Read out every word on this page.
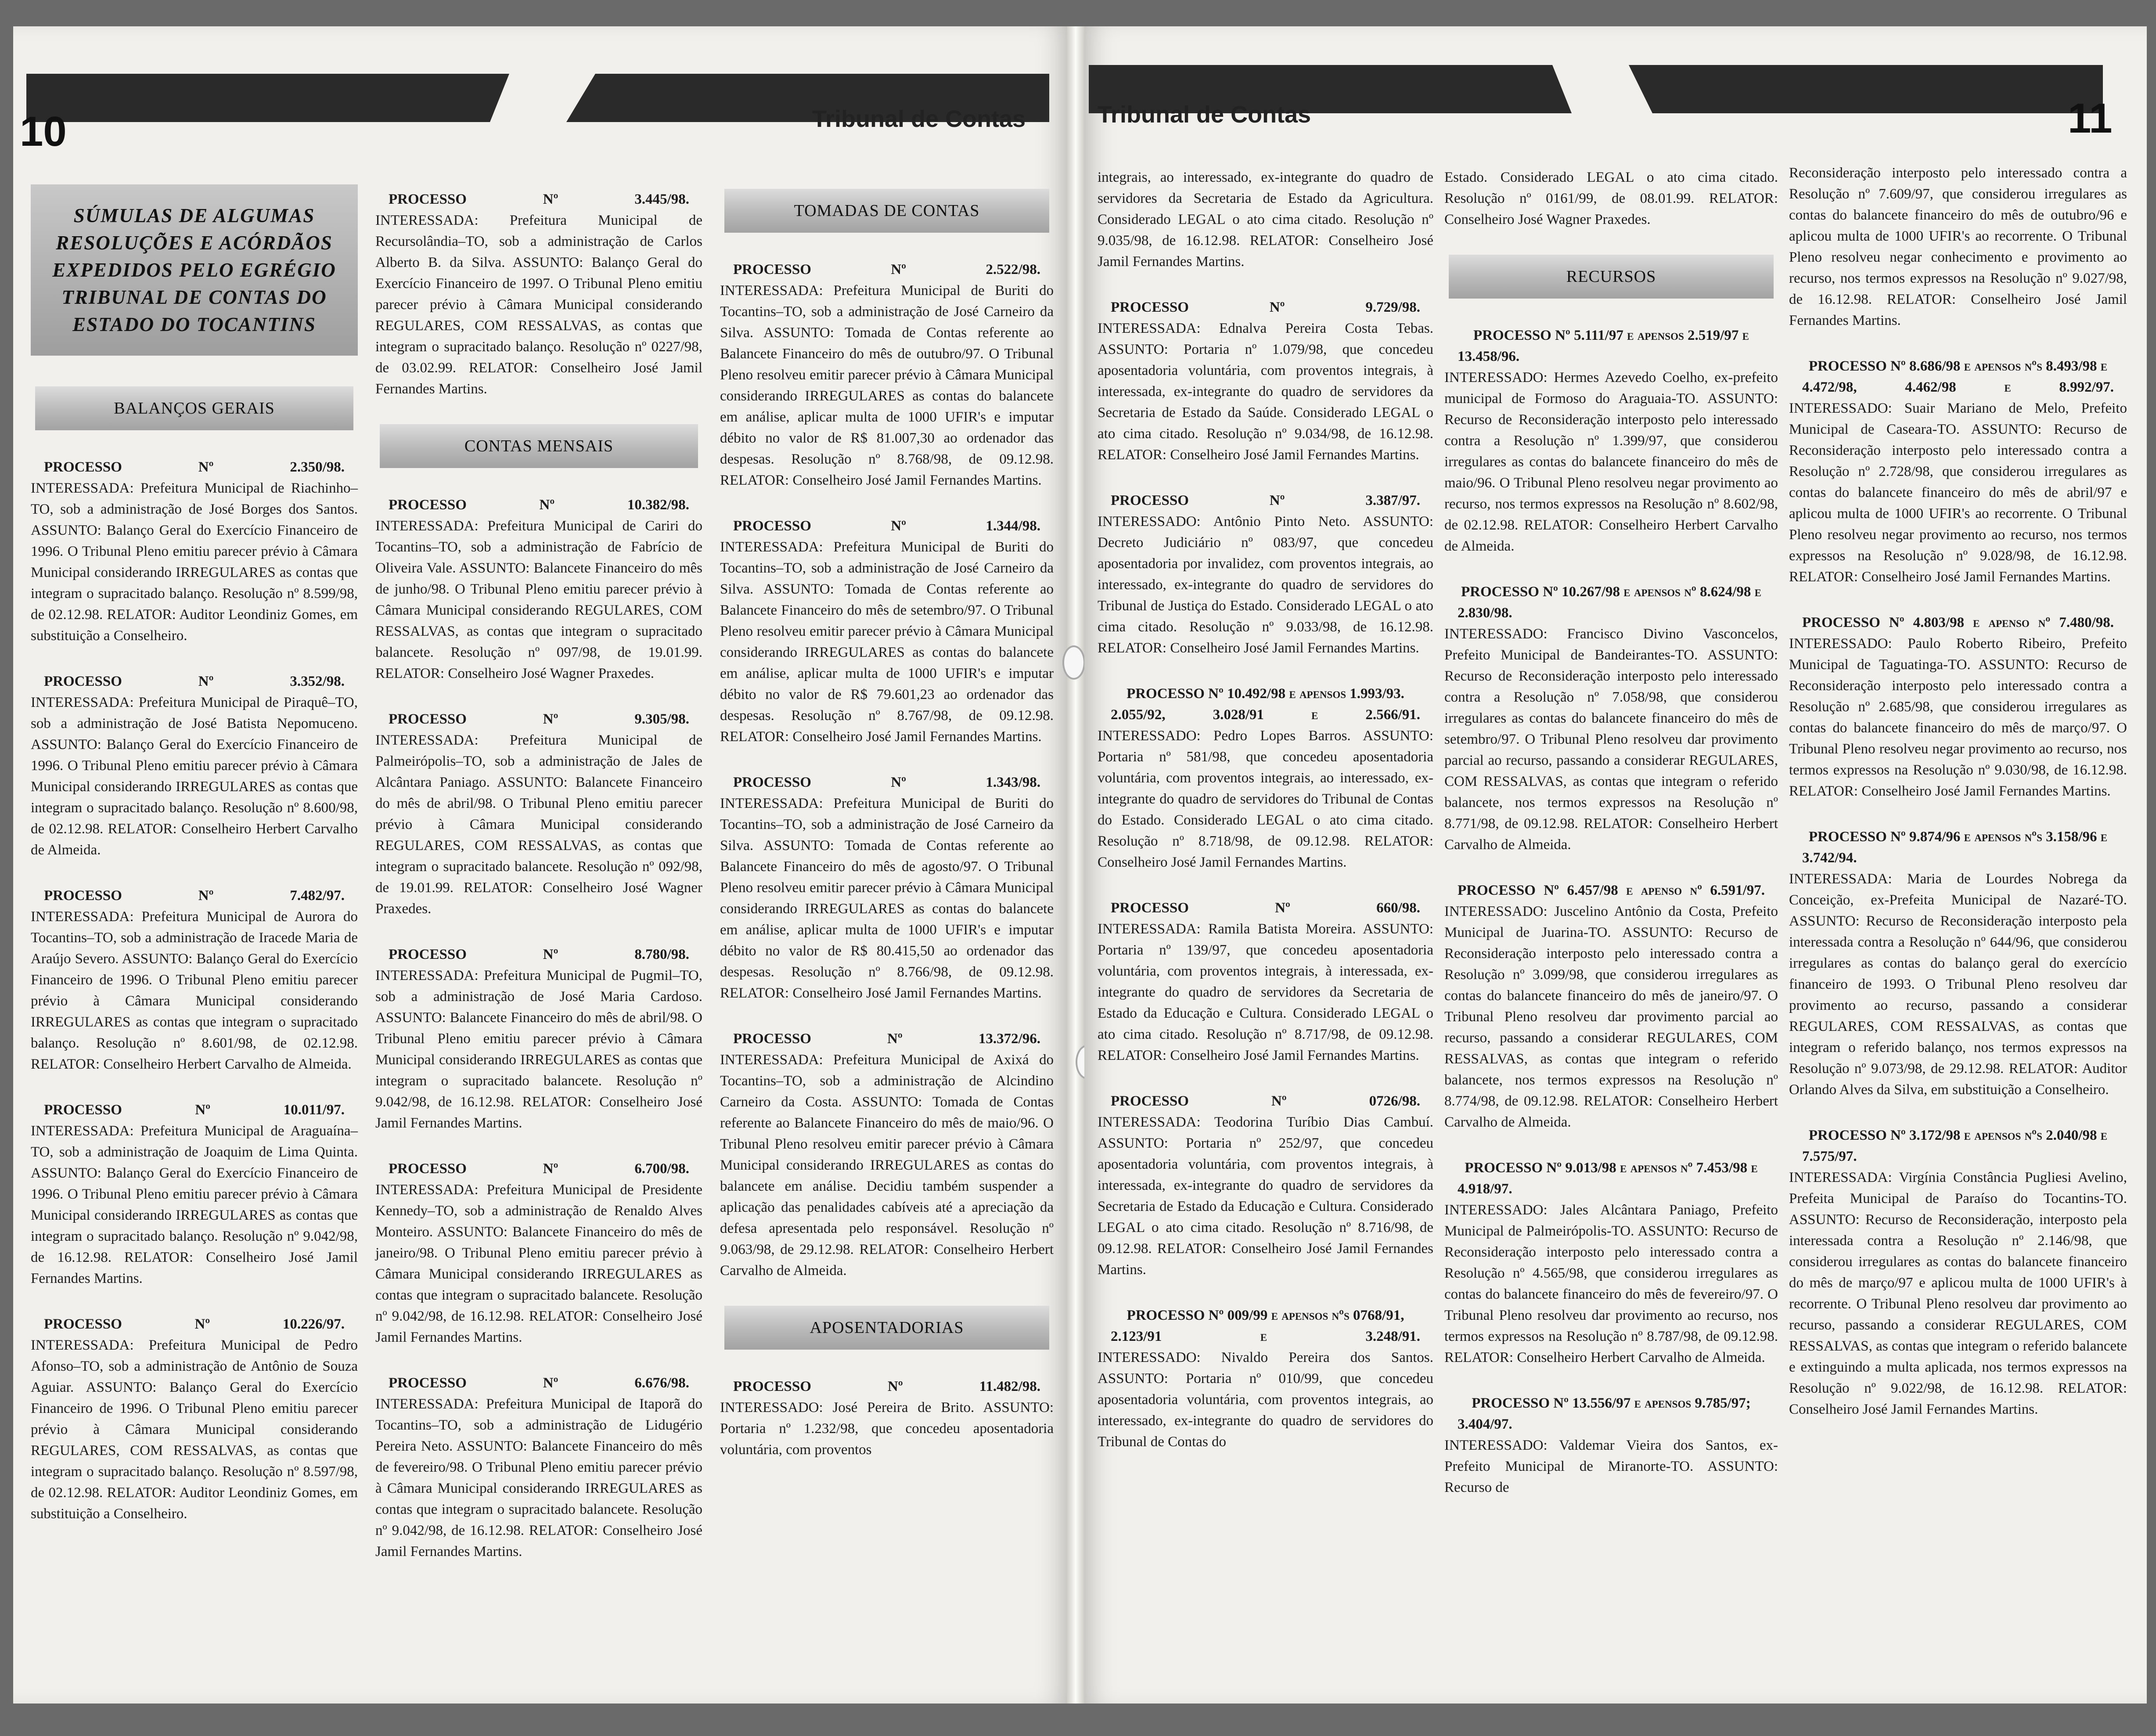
10	Tribunal de Contas
SÚMULAS DE ALGUMAS RESOLUÇÕES E ACÓRDÃOS EXPEDIDOS PELO EGRÉGIO TRIBUNAL DE CONTAS DO ESTADO DO TOCANTINS
BALANÇOS GERAIS

PROCESSO Nº 2.350/98.

INTERESSADA: Prefeitura Municipal de Riachinho–TO, sob a administração de José Borges dos Santos. ASSUNTO: Balanço Geral do Exercício Financeiro de 1996. O Tribunal Pleno emitiu parecer prévio à Câmara Municipal considerando IRREGULARES as contas que integram o supracitado balanço. Resolução nº 8.599/98, de 02.12.98. RELATOR: Auditor Leondiniz Gomes, em substituição a Conselheiro.

PROCESSO Nº 3.352/98.

INTERESSADA: Prefeitura Municipal de Piraquê–TO, sob a administração de José Batista Nepomuceno. ASSUNTO: Balanço Geral do Exercício Financeiro de 1996. O Tribunal Pleno emitiu parecer prévio à Câmara Municipal considerando IRREGULARES as contas que integram o supracitado balanço. Resolução nº 8.600/98, de 02.12.98. RELATOR: Conselheiro Herbert Carvalho de Almeida.

PROCESSO Nº 7.482/97.

INTERESSADA: Prefeitura Municipal de Aurora do Tocantins–TO, sob a administração de Iracede Maria de Araújo Severo. ASSUNTO: Balanço Geral do Exercício Financeiro de 1996. O Tribunal Pleno emitiu parecer prévio à Câmara Municipal considerando IRREGULARES as contas que integram o supracitado balanço. Resolução nº 8.601/98, de 02.12.98. RELATOR: Conselheiro Herbert Carvalho de Almeida.

PROCESSO Nº 10.011/97.

INTERESSADA: Prefeitura Municipal de Araguaína–TO, sob a administração de Joaquim de Lima Quinta. ASSUNTO: Balanço Geral do Exercício Financeiro de 1996. O Tribunal Pleno emitiu parecer prévio à Câmara Municipal considerando IRREGULARES as contas que integram o supracitado balanço. Resolução nº 9.042/98, de 16.12.98. RELATOR: Conselheiro José Jamil Fernandes Martins.

PROCESSO Nº 10.226/97.

INTERESSADA: Prefeitura Municipal de Pedro Afonso–TO, sob a administração de Antônio de Souza Aguiar. ASSUNTO: Balanço Geral do Exercício Financeiro de 1996. O Tribunal Pleno emitiu parecer prévio à Câmara Municipal considerando REGULARES, COM RESSALVAS, as contas que integram o supracitado balanço. Resolução nº 8.597/98, de 02.12.98. RELATOR: Auditor Leondiniz Gomes, em substituição a Conselheiro.

PROCESSO Nº 3.445/98.

INTERESSADA: Prefeitura Municipal de Recursolândia–TO, sob a administração de Carlos Alberto B. da Silva. ASSUNTO: Balanço Geral do Exercício Financeiro de 1997. O Tribunal Pleno emitiu parecer prévio à Câmara Municipal considerando REGULARES, COM RESSALVAS, as contas que integram o supracitado balanço. Resolução nº 0227/98, de 03.02.99. RELATOR: Conselheiro José Jamil Fernandes Martins.

CONTAS MENSAIS

PROCESSO Nº 10.382/98.

INTERESSADA: Prefeitura Municipal de Cariri do Tocantins–TO, sob a administração de Fabrício de Oliveira Vale. ASSUNTO: Balancete Financeiro do mês de junho/98. O Tribunal Pleno emitiu parecer prévio à Câmara Municipal considerando REGULARES, COM RESSALVAS, as contas que integram o supracitado balancete. Resolução nº 097/98, de 19.01.99. RELATOR: Conselheiro José Wagner Praxedes.

PROCESSO Nº 9.305/98.

INTERESSADA: Prefeitura Municipal de Palmeirópolis–TO, sob a administração de Jales de Alcântara Paniago. ASSUNTO: Balancete Financeiro do mês de abril/98. O Tribunal Pleno emitiu parecer prévio à Câmara Municipal considerando REGULARES, COM RESSALVAS, as contas que integram o supracitado balancete. Resolução nº 092/98, de 19.01.99. RELATOR: Conselheiro José Wagner Praxedes.

PROCESSO Nº 8.780/98.

INTERESSADA: Prefeitura Municipal de Pugmil–TO, sob a administração de José Maria Cardoso. ASSUNTO: Balancete Financeiro do mês de abril/98. O Tribunal Pleno emitiu parecer prévio à Câmara Municipal considerando IRREGULARES as contas que integram o supracitado balancete. Resolução nº 9.042/98, de 16.12.98. RELATOR: Conselheiro José Jamil Fernandes Martins.

PROCESSO Nº 6.700/98.

INTERESSADA: Prefeitura Municipal de Presidente Kennedy–TO, sob a administração de Renaldo Alves Monteiro. ASSUNTO: Balancete Financeiro do mês de janeiro/98. O Tribunal Pleno emitiu parecer prévio à Câmara Municipal considerando IRREGULARES as contas que integram o supracitado balancete. Resolução nº 9.042/98, de 16.12.98. RELATOR: Conselheiro José Jamil Fernandes Martins.

PROCESSO Nº 6.676/98.

INTERESSADA: Prefeitura Municipal de Itaporã do Tocantins–TO, sob a administração de Lidugério Pereira Neto. ASSUNTO: Balancete Financeiro do mês de fevereiro/98. O Tribunal Pleno emitiu parecer prévio à Câmara Municipal considerando IRREGULARES as contas que integram o supracitado balancete. Resolução nº 9.042/98, de 16.12.98. RELATOR: Conselheiro José Jamil Fernandes Martins.

TOMADAS DE CONTAS

PROCESSO Nº 2.522/98.

INTERESSADA: Prefeitura Municipal de Buriti do Tocantins–TO, sob a administração de José Carneiro da Silva. ASSUNTO: Tomada de Contas referente ao Balancete Financeiro do mês de outubro/97. O Tribunal Pleno resolveu emitir parecer prévio à Câmara Municipal considerando IRREGULARES as contas do balancete em análise, aplicar multa de 1000 UFIR's e imputar débito no valor de R$ 81.007,30 ao ordenador das despesas. Resolução nº 8.768/98, de 09.12.98. RELATOR: Conselheiro José Jamil Fernandes Martins.

PROCESSO Nº 1.344/98.

INTERESSADA: Prefeitura Municipal de Buriti do Tocantins–TO, sob a administração de José Carneiro da Silva. ASSUNTO: Tomada de Contas referente ao Balancete Financeiro do mês de setembro/97. O Tribunal Pleno resolveu emitir parecer prévio à Câmara Municipal considerando IRREGULARES as contas do balancete em análise, aplicar multa de 1000 UFIR's e imputar débito no valor de R$ 79.601,23 ao ordenador das despesas. Resolução nº 8.767/98, de 09.12.98. RELATOR: Conselheiro José Jamil Fernandes Martins.

PROCESSO Nº 1.343/98.

INTERESSADA: Prefeitura Municipal de Buriti do Tocantins–TO, sob a administração de José Carneiro da Silva. ASSUNTO: Tomada de Contas referente ao Balancete Financeiro do mês de agosto/97. O Tribunal Pleno resolveu emitir parecer prévio à Câmara Municipal considerando IRREGULARES as contas do balancete em análise, aplicar multa de 1000 UFIR's e imputar débito no valor de R$ 80.415,50 ao ordenador das despesas. Resolução nº 8.766/98, de 09.12.98. RELATOR: Conselheiro José Jamil Fernandes Martins.

PROCESSO Nº 13.372/96.

INTERESSADA: Prefeitura Municipal de Axixá do Tocantins–TO, sob a administração de Alcindino Carneiro da Costa. ASSUNTO: Tomada de Contas referente ao Balancete Financeiro do mês de maio/96. O Tribunal Pleno resolveu emitir parecer prévio à Câmara Municipal considerando IRREGULARES as contas do balancete em análise. Decidiu também suspender a aplicação das penalidades cabíveis até a apreciação da defesa apresentada pelo responsável. Resolução nº 9.063/98, de 29.12.98. RELATOR: Conselheiro Herbert Carvalho de Almeida.

APOSENTADORIAS

PROCESSO Nº 11.482/98.

INTERESSADO: José Pereira de Brito. ASSUNTO: Portaria nº 1.232/98, que concedeu aposentadoria voluntária, com proventos

Tribunal de Contas	11

integrais, ao interessado, ex-integrante do quadro de servidores da Secretaria de Estado da Agricultura. Considerado LEGAL o ato cima citado. Resolução nº 9.035/98, de 16.12.98. RELATOR: Conselheiro José Jamil Fernandes Martins.

PROCESSO Nº 9.729/98.

INTERESSADA: Ednalva Pereira Costa Tebas. ASSUNTO: Portaria nº 1.079/98, que concedeu aposentadoria voluntária, com proventos integrais, à interessada, ex-integrante do quadro de servidores da Secretaria de Estado da Saúde. Considerado LEGAL o ato cima citado. Resolução nº 9.034/98, de 16.12.98. RELATOR: Conselheiro José Jamil Fernandes Martins.

PROCESSO Nº 3.387/97.

INTERESSADO: Antônio Pinto Neto. ASSUNTO: Decreto Judiciário nº 083/97, que concedeu aposentadoria por invalidez, com proventos integrais, ao interessado, ex-integrante do quadro de servidores do Tribunal de Justiça do Estado. Considerado LEGAL o ato cima citado. Resolução nº 9.033/98, de 16.12.98. RELATOR: Conselheiro José Jamil Fernandes Martins.

PROCESSO Nº 10.492/98 e apensos 1.993/93. 2.055/92, 3.028/91 e 2.566/91.

INTERESSADO: Pedro Lopes Barros. ASSUNTO: Portaria nº 581/98, que concedeu aposentadoria voluntária, com proventos integrais, ao interessado, ex-integrante do quadro de servidores do Tribunal de Contas do Estado. Considerado LEGAL o ato cima citado. Resolução nº 8.718/98, de 09.12.98. RELATOR: Conselheiro José Jamil Fernandes Martins.

PROCESSO Nº 660/98.

INTERESSADA: Ramila Batista Moreira. ASSUNTO: Portaria nº 139/97, que concedeu aposentadoria voluntária, com proventos integrais, à interessada, ex-integrante do quadro de servidores da Secretaria de Estado da Educação e Cultura. Considerado LEGAL o ato cima citado. Resolução nº 8.717/98, de 09.12.98. RELATOR: Conselheiro José Jamil Fernandes Martins.

PROCESSO Nº 0726/98.

INTERESSADA: Teodorina Turíbio Dias Cambuí. ASSUNTO: Portaria nº 252/97, que concedeu aposentadoria voluntária, com proventos integrais, à interessada, ex-integrante do quadro de servidores da Secretaria de Estado da Educação e Cultura. Considerado LEGAL o ato cima citado. Resolução nº 8.716/98, de 09.12.98. RELATOR: Conselheiro José Jamil Fernandes Martins.

PROCESSO Nº 009/99 e apensos nºs 0768/91, 2.123/91 e 3.248/91.

INTERESSADO: Nivaldo Pereira dos Santos. ASSUNTO: Portaria nº 010/99, que concedeu aposentadoria voluntária, com proventos integrais, ao interessado, ex-integrante do quadro de servidores do Tribunal de Contas do

Estado. Considerado LEGAL o ato cima citado. Resolução nº 0161/99, de 08.01.99. RELATOR: Conselheiro José Wagner Praxedes.

RECURSOS

PROCESSO Nº 5.111/97 e apensos 2.519/97 e 13.458/96.

INTERESSADO: Hermes Azevedo Coelho, ex-prefeito municipal de Formoso do Araguaia-TO. ASSUNTO: Recurso de Reconsideração interposto pelo interessado contra a Resolução nº 1.399/97, que considerou irregulares as contas do balancete financeiro do mês de maio/96. O Tribunal Pleno resolveu negar provimento ao recurso, nos termos expressos na Resolução nº 8.602/98, de 02.12.98. RELATOR: Conselheiro Herbert Carvalho de Almeida.

PROCESSO Nº 10.267/98 e apensos nº 8.624/98 e 2.830/98.

INTERESSADO: Francisco Divino Vasconcelos, Prefeito Municipal de Bandeirantes-TO. ASSUNTO: Recurso de Reconsideração interposto pelo interessado contra a Resolução nº 7.058/98, que considerou irregulares as contas do balancete financeiro do mês de setembro/97. O Tribunal Pleno resolveu dar provimento parcial ao recurso, passando a considerar REGULARES, COM RESSALVAS, as contas que integram o referido balancete, nos termos expressos na Resolução nº 8.771/98, de 09.12.98. RELATOR: Conselheiro Herbert Carvalho de Almeida.

PROCESSO Nº 6.457/98 e apenso nº 6.591/97.

INTERESSADO: Juscelino Antônio da Costa, Prefeito Municipal de Juarina-TO. ASSUNTO: Recurso de Reconsideração interposto pelo interessado contra a Resolução nº 3.099/98, que considerou irregulares as contas do balancete financeiro do mês de janeiro/97. O Tribunal Pleno resolveu dar provimento parcial ao recurso, passando a considerar REGULARES, COM RESSALVAS, as contas que integram o referido balancete, nos termos expressos na Resolução nº 8.774/98, de 09.12.98. RELATOR: Conselheiro Herbert Carvalho de Almeida.

PROCESSO Nº 9.013/98 e apensos nº 7.453/98 e 4.918/97.

INTERESSADO: Jales Alcântara Paniago, Prefeito Municipal de Palmeirópolis-TO. ASSUNTO: Recurso de Reconsideração interposto pelo interessado contra a Resolução nº 4.565/98, que considerou irregulares as contas do balancete financeiro do mês de fevereiro/97. O Tribunal Pleno resolveu dar provimento ao recurso, nos termos expressos na Resolução nº 8.787/98, de 09.12.98. RELATOR: Conselheiro Herbert Carvalho de Almeida.

PROCESSO Nº 13.556/97 e apensos 9.785/97; 3.404/97.

INTERESSADO: Valdemar Vieira dos Santos, ex-Prefeito Municipal de Miranorte-TO. ASSUNTO: Recurso de

Reconsideração interposto pelo interessado contra a Resolução nº 7.609/97, que considerou irregulares as contas do balancete financeiro do mês de outubro/96 e aplicou multa de 1000 UFIR's ao recorrente. O Tribunal Pleno resolveu negar conhecimento e provimento ao recurso, nos termos expressos na Resolução nº 9.027/98, de 16.12.98. RELATOR: Conselheiro José Jamil Fernandes Martins.

PROCESSO Nº 8.686/98 e apensos nºs 8.493/98 e 4.472/98, 4.462/98 e 8.992/97.

INTERESSADO: Suair Mariano de Melo, Prefeito Municipal de Caseara-TO. ASSUNTO: Recurso de Reconsideração interposto pelo interessado contra a Resolução nº 2.728/98, que considerou irregulares as contas do balancete financeiro do mês de abril/97 e aplicou multa de 1000 UFIR's ao recorrente. O Tribunal Pleno resolveu negar provimento ao recurso, nos termos expressos na Resolução nº 9.028/98, de 16.12.98. RELATOR: Conselheiro José Jamil Fernandes Martins.

PROCESSO Nº 4.803/98 e apenso nº 7.480/98.

INTERESSADO: Paulo Roberto Ribeiro, Prefeito Municipal de Taguatinga-TO. ASSUNTO: Recurso de Reconsideração interposto pelo interessado contra a Resolução nº 2.685/98, que considerou irregulares as contas do balancete financeiro do mês de março/97. O Tribunal Pleno resolveu negar provimento ao recurso, nos termos expressos na Resolução nº 9.030/98, de 16.12.98. RELATOR: Conselheiro José Jamil Fernandes Martins.

PROCESSO Nº 9.874/96 e apensos nºs 3.158/96 e 3.742/94.

INTERESSADA: Maria de Lourdes Nobrega da Conceição, ex-Prefeita Municipal de Nazaré-TO. ASSUNTO: Recurso de Reconsideração interposto pela interessada contra a Resolução nº 644/96, que considerou irregulares as contas do balanço geral do exercício financeiro de 1993. O Tribunal Pleno resolveu dar provimento ao recurso, passando a considerar REGULARES, COM RESSALVAS, as contas que integram o referido balanço, nos termos expressos na Resolução nº 9.073/98, de 29.12.98. RELATOR: Auditor Orlando Alves da Silva, em substituição a Conselheiro.

PROCESSO Nº 3.172/98 e apensos nºs 2.040/98 e 7.575/97.

INTERESSADA: Virgínia Constância Pugliesi Avelino, Prefeita Municipal de Paraíso do Tocantins-TO. ASSUNTO: Recurso de Reconsideração, interposto pela interessada contra a Resolução nº 2.146/98, que considerou irregulares as contas do balancete financeiro do mês de março/97 e aplicou multa de 1000 UFIR's à recorrente. O Tribunal Pleno resolveu dar provimento ao recurso, passando a considerar REGULARES, COM RESSALVAS, as contas que integram o referido balancete e extinguindo a multa aplicada, nos termos expressos na Resolução nº 9.022/98, de 16.12.98. RELATOR: Conselheiro José Jamil Fernandes Martins.
